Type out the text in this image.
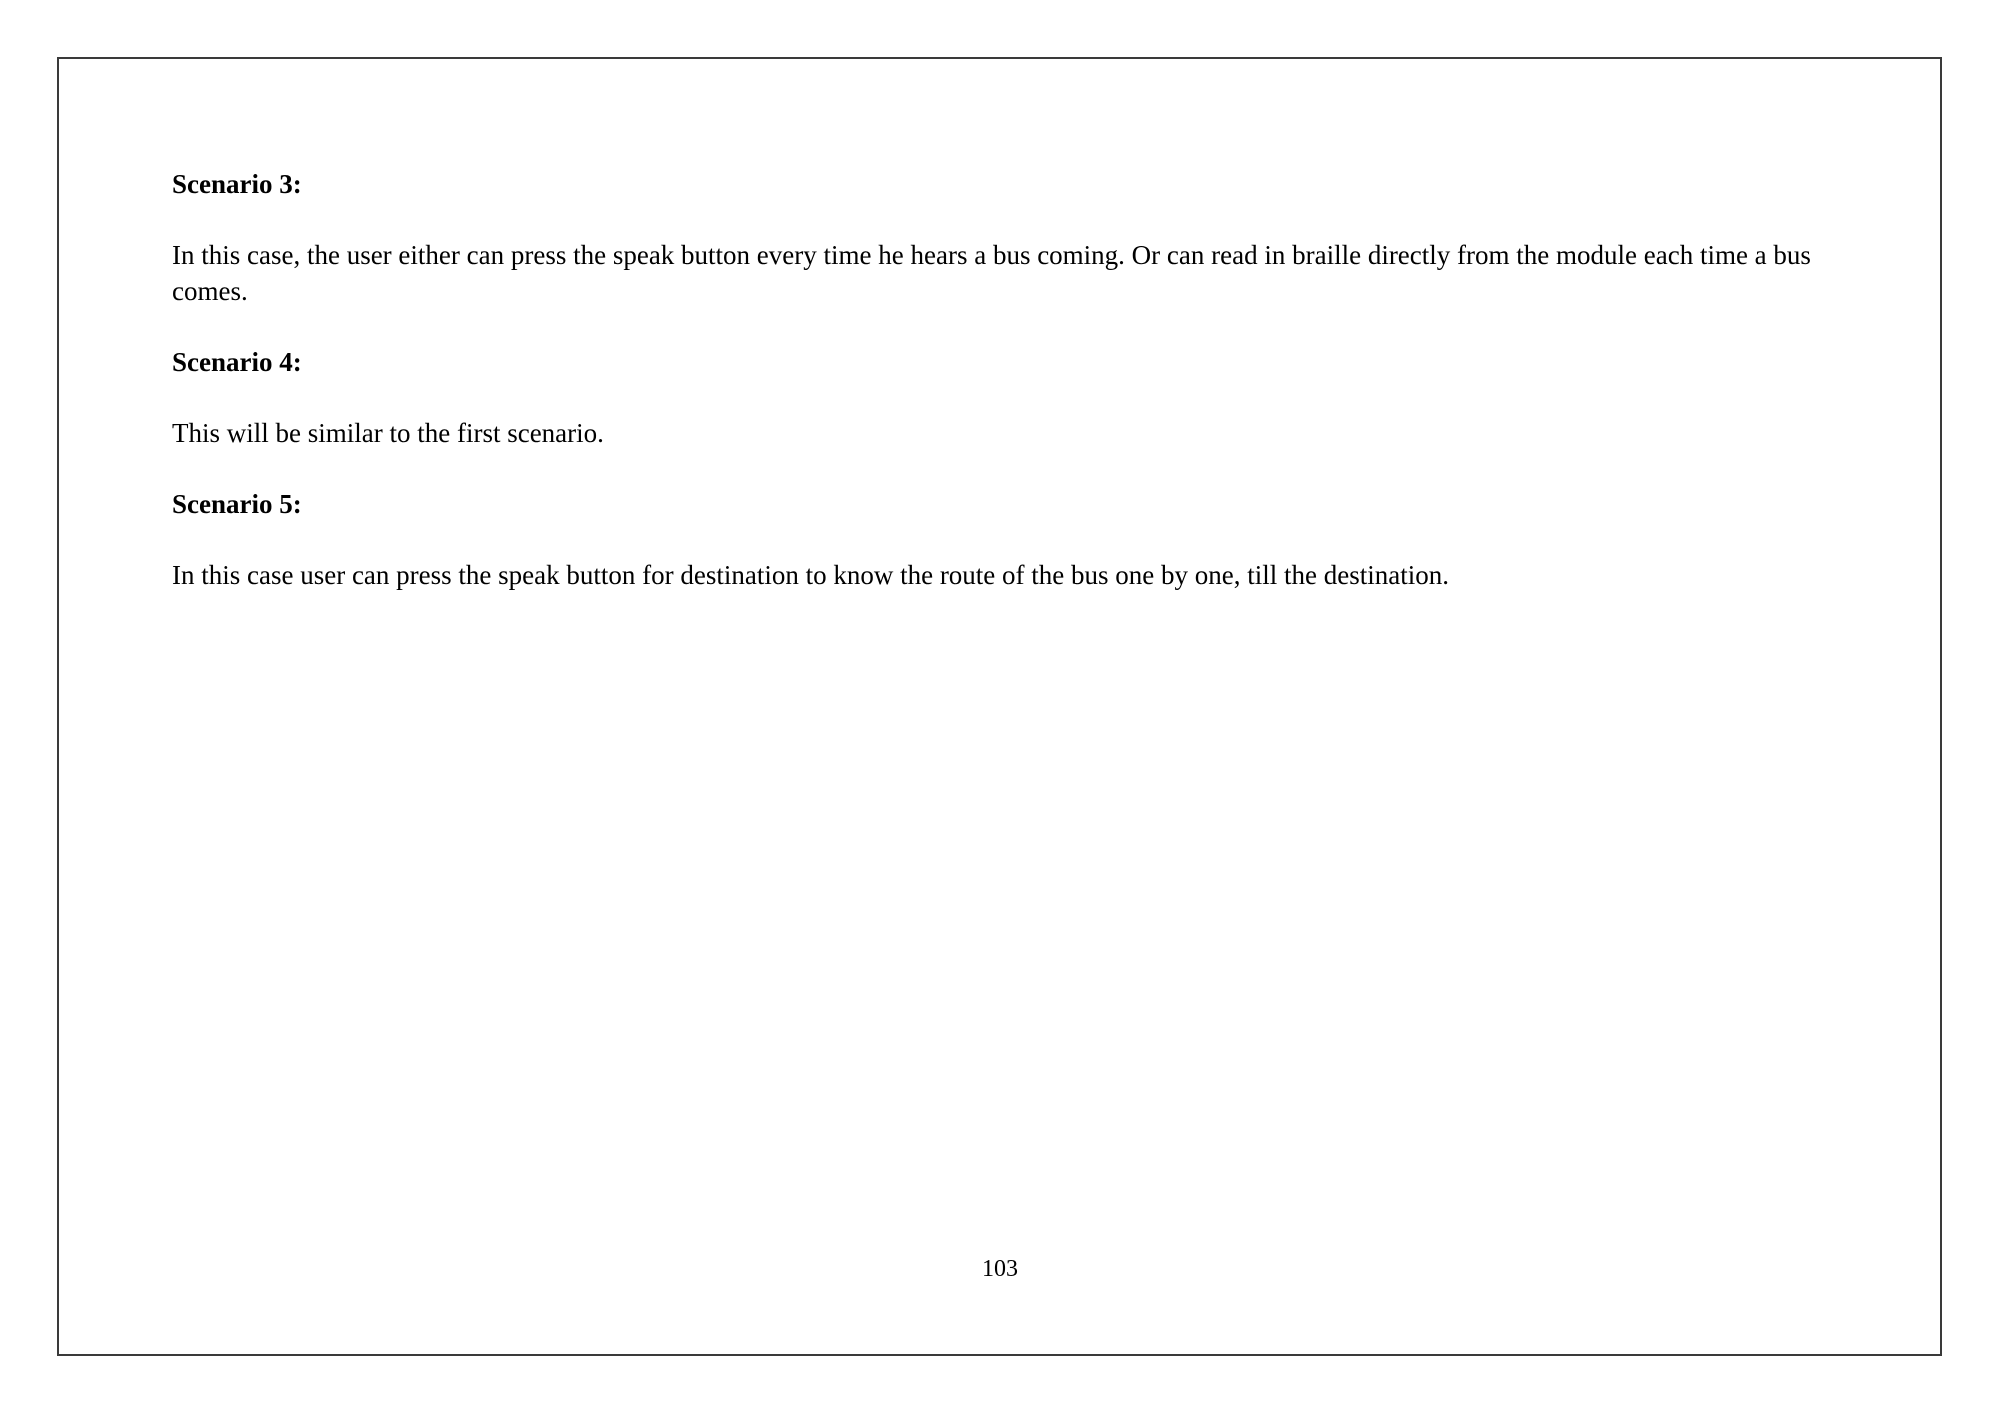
Scenario 3:
In this case, the user either can press the speak button every time he hears a bus coming. Or can read in braille directly from the module each time a bus comes.
Scenario 4:
This will be similar to the first scenario.
Scenario 5:
In this case user can press the speak button for destination to know the route of the bus one by one, till the destination.
103
